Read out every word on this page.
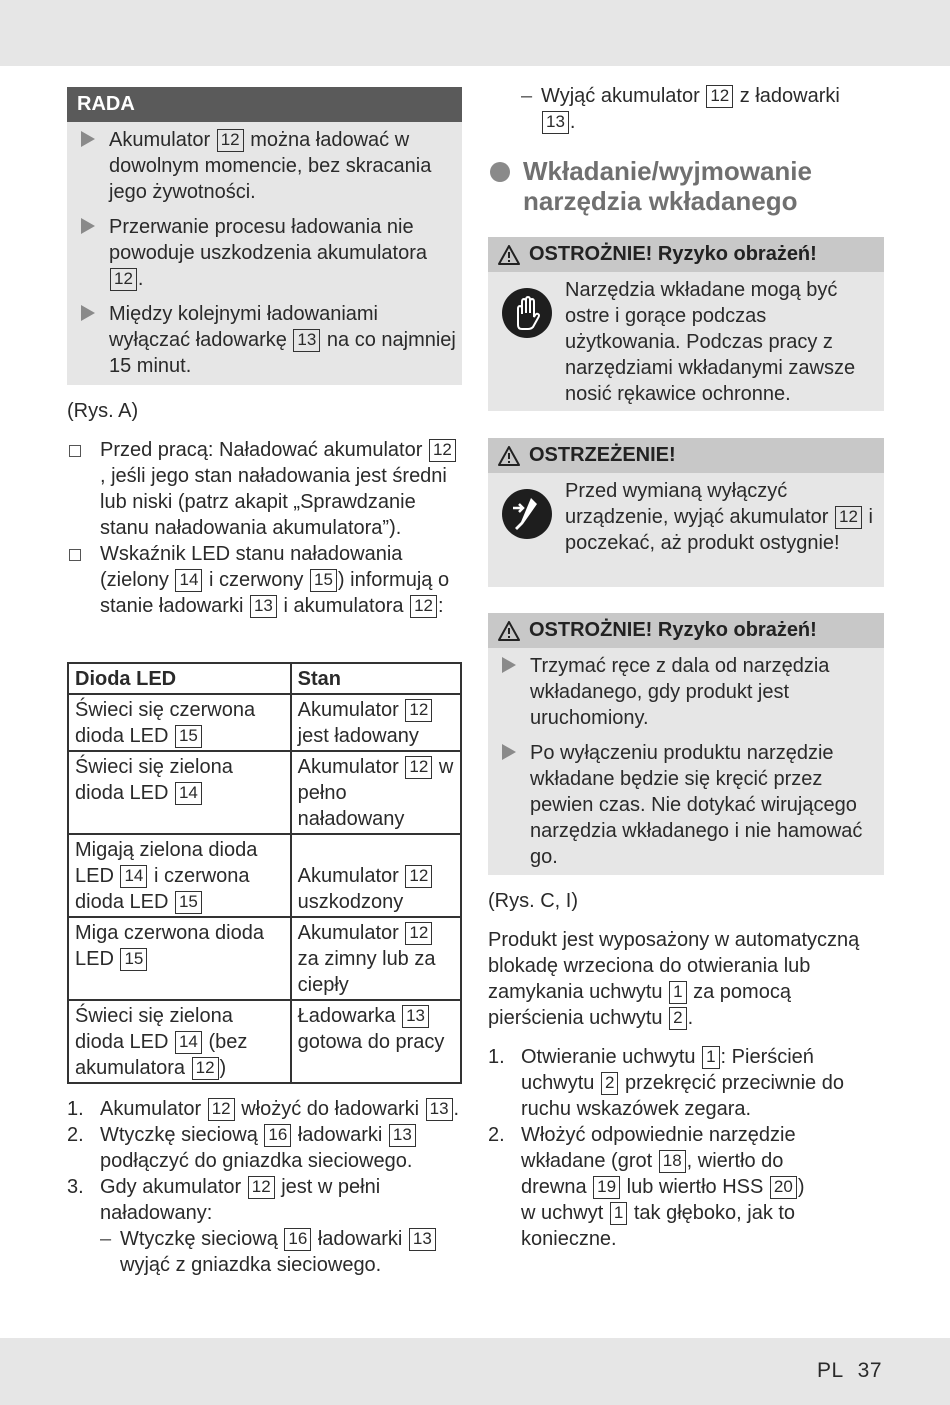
RADA
Akumulator 12 można ładować w dowolnym momencie, bez skracania jego żywotności.
Przerwanie procesu ładowania nie powoduje uszkodzenia akumulatora 12 .
Między kolejnymi ładowaniami wyłączać ładowarkę 13 na co najmniej 15 minut.
(Rys. A)
Przed pracą: Naładować akumulator 12, jeśli jego stan naładowania jest średni lub niski (patrz akapit „Sprawdzanie stanu naładowania akumulatora”).
Wskaźnik LED stanu naładowania (zielony 14 i czerwony 15 ) informują o stanie ładowarki 13 i akumulatora 12 :
Dioda LED	Stan
Świeci się czerwona dioda LED 15	Akumulator 12 jest ładowany
Świeci się zielona dioda LED 14	Akumulator 12 w pełno naładowany
Migają zielona dioda LED 14 i czerwona dioda LED 15	Akumulator 12 uszkodzony
Miga czerwona dioda LED 15	Akumulator 12 za zimny lub za ciepły
Świeci się zielona dioda LED 14 (bez akumulatora 12 )	Ładowarka 13 gotowa do pracy
1. Akumulator 12 włożyć do ładowarki 13 .
2. Wtyczkę sieciową 16 ładowarki 13 podłączyć do gniazdka sieciowego.
3. Gdy akumulator 12 jest w pełni naładowany:
– Wtyczkę sieciową 16 ładowarki 13 wyjąć z gniazdka sieciowego.
– Wyjąć akumulator 12 z ładowarki 13 .
Wkładanie/wyjmowanie narzędzia wkładanego
OSTROŻNIE! Ryzyko obrażeń!
Narzędzia wkładane mogą być ostre i gorące podczas użytkowania. Podczas pracy z narzędziami wkładanymi zawsze nosić rękawice ochronne.
OSTRZEŻENIE!
Przed wymianą wyłączyć urządzenie, wyjąć akumulator 12 i poczekać, aż produkt ostygnie!
OSTROŻNIE! Ryzyko obrażeń!
Trzymać ręce z dala od narzędzia wkładanego, gdy produkt jest uruchomiony.
Po wyłączeniu produktu narzędzie wkładane będzie się kręcić przez pewien czas. Nie dotykać wirującego narzędzia wkładanego i nie hamować go.
(Rys. C, I)
Produkt jest wyposażony w automatyczną blokadę wrzeciona do otwierania lub zamykania uchwytu 1 za pomocą pierścienia uchwytu 2 .
1. Otwieranie uchwytu 1 : Pierścień uchwytu 2 przekręcić przeciwnie do ruchu wskazówek zegara.
2. Włożyć odpowiednie narzędzie wkładane (grot 18 , wiertło do drewna 19 lub wiertło HSS 20 ) w uchwyt 1 tak głęboko, jak to konieczne.
PL 37
